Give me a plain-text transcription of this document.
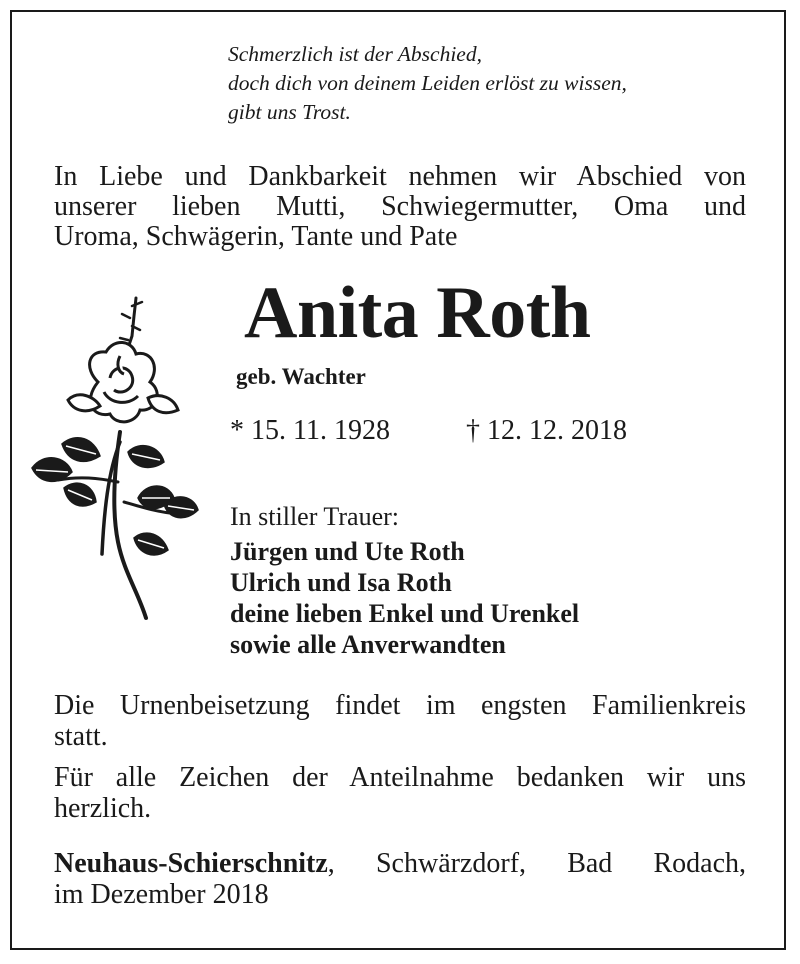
Schmerzlich ist der Abschied,
doch dich von deinem Leiden erlöst zu wissen,
gibt uns Trost.
In Liebe und Dankbarkeit nehmen wir Abschied von
unserer lieben Mutti, Schwiegermutter, Oma und
Uroma, Schwägerin, Tante und Pate
Anita Roth
geb. Wachter
* 15. 11. 1928	† 12. 12. 2018
In stiller Trauer:
Jürgen und Ute Roth
Ulrich und Isa Roth
deine lieben Enkel und Urenkel
sowie alle Anverwandten
Die Urnenbeisetzung findet im engsten Familienkreis
statt.
Für alle Zeichen der Anteilnahme bedanken wir uns
herzlich.
Neuhaus-Schierschnitz, Schwärzdorf, Bad Rodach,
im Dezember 2018
